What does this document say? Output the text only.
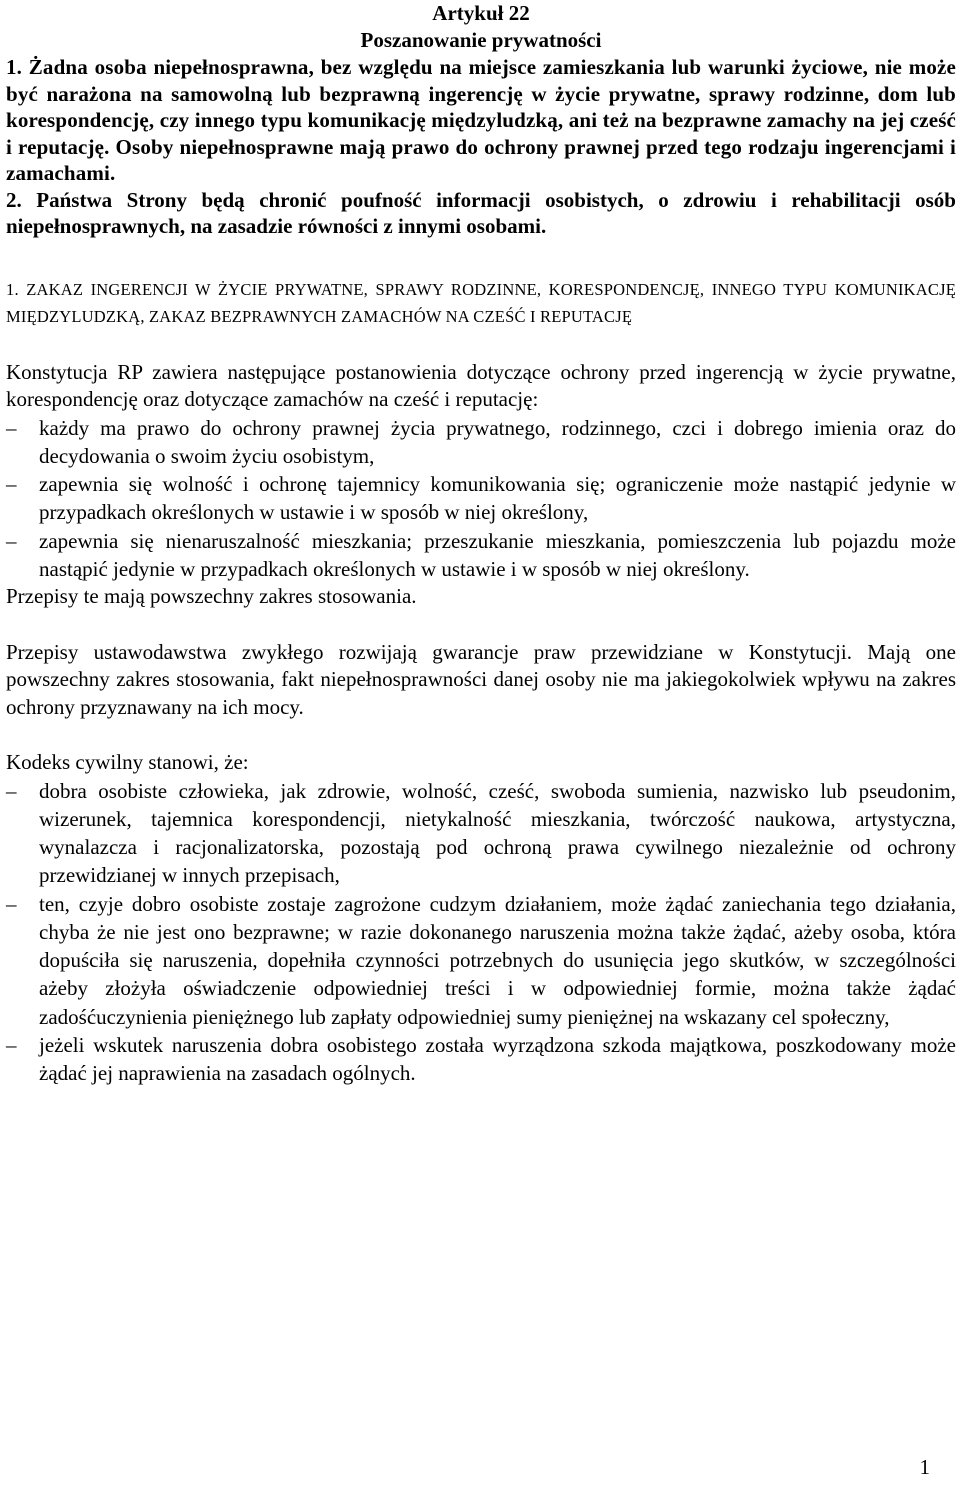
Artykuł 22

Poszanowanie prywatności

1. Żadna osoba niepełnosprawna, bez względu na miejsce zamieszkania lub warunki życiowe, nie może być narażona na samowolną lub bezprawną ingerencję w życie prywatne, sprawy rodzinne, dom lub korespondencję, czy innego typu komunikację międzyludzką, ani też na bezprawne zamachy na jej cześć i reputację. Osoby niepełnosprawne mają prawo do ochrony prawnej przed tego rodzaju ingerencjami i zamachami.

2. Państwa Strony będą chronić poufność informacji osobistych, o zdrowiu i rehabilitacji osób niepełnosprawnych, na zasadzie równości z innymi osobami.

1. ZAKAZ INGERENCJI W ŻYCIE PRYWATNE, SPRAWY RODZINNE, KORESPONDENCJĘ, INNEGO TYPU KOMUNIKACJĘ MIĘDZYLUDZKĄ, ZAKAZ BEZPRAWNYCH ZAMACHÓW NA CZEŚĆ I REPUTACJĘ

Konstytucja RP zawiera następujące postanowienia dotyczące ochrony przed ingerencją w życie prywatne, korespondencję oraz dotyczące zamachów na cześć i reputację:

– każdy ma prawo do ochrony prawnej życia prywatnego, rodzinnego, czci i dobrego imienia oraz do decydowania o swoim życiu osobistym,
– zapewnia się wolność i ochronę tajemnicy komunikowania się; ograniczenie może nastąpić jedynie w przypadkach określonych w ustawie i w sposób w niej określony,
– zapewnia się nienaruszalność mieszkania; przeszukanie mieszkania, pomieszczenia lub pojazdu może nastąpić jedynie w przypadkach określonych w ustawie i w sposób w niej określony.

Przepisy te mają powszechny zakres stosowania.

Przepisy ustawodawstwa zwykłego rozwijają gwarancje praw przewidziane w Konstytucji. Mają one powszechny zakres stosowania, fakt niepełnosprawności danej osoby nie ma jakiegokolwiek wpływu na zakres ochrony przyznawany na ich mocy.

Kodeks cywilny stanowi, że:

– dobra osobiste człowieka, jak zdrowie, wolność, cześć, swoboda sumienia, nazwisko lub pseudonim, wizerunek, tajemnica korespondencji, nietykalność mieszkania, twórczość naukowa, artystyczna, wynalazcza i racjonalizatorska, pozostają pod ochroną prawa cywilnego niezależnie od ochrony przewidzianej w innych przepisach,
– ten, czyje dobro osobiste zostaje zagrożone cudzym działaniem, może żądać zaniechania tego działania, chyba że nie jest ono bezprawne; w razie dokonanego naruszenia można także żądać, ażeby osoba, która dopuściła się naruszenia, dopełniła czynności potrzebnych do usunięcia jego skutków, w szczególności ażeby złożyła oświadczenie odpowiedniej treści i w odpowiedniej formie, można także żądać zadośćuczynienia pieniężnego lub zapłaty odpowiedniej sumy pieniężnej na wskazany cel społeczny,
– jeżeli wskutek naruszenia dobra osobistego została wyrządzona szkoda majątkowa, poszkodowany może żądać jej naprawienia na zasadach ogólnych.
1
